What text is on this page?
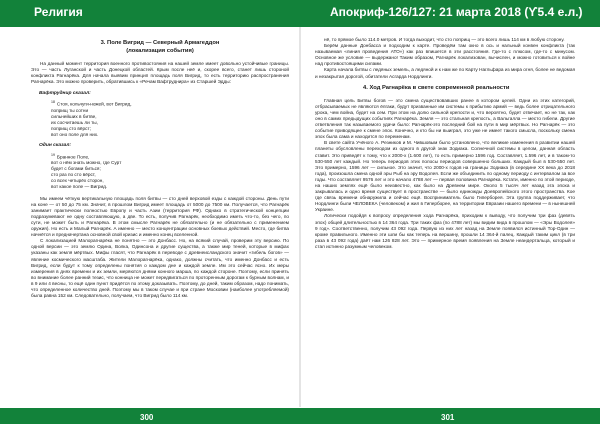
Религия	Апокриф-126/127: 21 марта 2018 (ϒ5.4 е.л.)
3. Поле Вигрид — Северный Армагеддон
(локализация события)

На данный момент территория военного противостояния на нашей земле имеет довольно устойчивые границы. Это — часть Луганской и часть Донецкой областей. Крым после неё и, скорее всего, станет лишь стороной конфликта Рагнарёка. Для начала выявим принцип площадь поля Вигрид, то есть территорию распространения Рагнарёка. Это можно проверить, обратившись к «Речам Вафтруднира» из Старшей Эдды:

Вафтруднир сказал:
$^{18}$ Стоя, кольчуги-ножей, вот Вигрид,
поприщ ты сотни
сильнейших в битве,
их сосчитаешь ли ты,
поприщ сто вёрст;
вот оно поле для них.
Один сказал:
$^{19}$ Бранное Поле,
вот о нём знать можно, где Сурт
будет с богами биться;
сто раз по сто вёрст,
со всех четырёх сторон,
вот какое поле — Вигрид.

Мы имеем чёткую вертикальную площадь поля битвы — сто дней верховой езды с каждой стороны. День пути на коне — от 50 до 75 км. Значит, в прошлом Вигрид имеет площадь от 5000 до 7500 км. Получается, что Рагнарёк занимает практически полностью Европу и часть Азии (территория РФ). Однако в стратегической концепции подразумевают не одну составляющую, а две. То есть, получив Рагнарёк, необходимо иметь что-то, без чего, по сути, не может быть и Рагнарёка. В этом смысле Рагнарёк не обязательно (и не обязательно с применением оружия). Но есть и Малый Рагнарёк. А именно — место концентрации основных боевых действий. Место, где битва начнётся и предначертана основной свой кризис и именно конец вселенной.

С локализацией Малорагнарёка не понятно — это Донбасс. Но, на всякий случай, проверим эту версию. По одной версии — это землю Одина, Волка, Одинсона и другие существа, а также мир теней, которые в мифах указаны как земля мёртвых. Мифы гласят, что Рагнарёк в переводе с древнеисландского значит «гибель богов» — явление космического масштаба. Жители Малорагнарёка, однако, должны считать, что именно Донбасс и есть Вигрид, если будут к тому определены понятия о каждом дне и каждой земле. Им это сейчас ясно. Их меры измерения в днях времени и их земли, меряются днями конного марша, по каждой стороне. Поэтому, если принять во внимание более ранний тезис, что конница не может передвигаться по проторенным дорогам к бурным волнам, и в 9 или 4 весны, то ещё один пункт придётся по этому доказывать. Поэтому, до дней, таким образом, надо понимать, что определенное количество дней. Поэтому мы в таком случае и при стране Московии (наиболее употребляемой) была равна 152 км. Следовательно, получаем, что Вигрид было 114 км.

нё, то прямое было 114.0 метров. И тогда выходит, что сто поприщ — это всего лишь 114 км в любую сторону.

Берём данные Донбасса и подходим к карте. Проведём там окно в ось и нальный конвен конфликта (так называемая «линия проведения АТО») как раз впишется в эти расстояния. Где-то с плюсом, где-то с минусом. Основное же условие — выдержано! Таким образом, Рагнарёк локализован, вычислен, и можно готовиться к войне над противостоящими силами.

Карта начала битвы с ледяных земель, а ледяной и к нам же по Карту Нагльфара из мира огня, более не ведомая и незакрытая дорогой, обитатели Асгарда Нордлинги.

4. Ход Рагнарёка в свете современной реальности

Главная цель Битвы богов — это смена существовавших ранее в котором целей. Одни из этих категорий, отбрасываемых не являются ёлгаки, будут призванные им системы к прибытию армий — ведь более отрицательного урока, чем война, будет на сем. При этом на долю сильной крепости и, что вероятно, будет отвечает, но не так, как оно в самих предыдущих событиях Рагнарёка. Земля — это стальная крепость, а Вальгалла — место гибели. Другие ответвления так называемого удачи было: Рагнарёк-это последний бой на пути в мир мёртвых. Но Рагнарёк — это событие приводящее к смене эпох. Конечно, и кто бы ни выиграл, это уже не имеет такого смысла, поскольку смена эпох была сама и находится по переменам.

В свете сайта Учёного А. Резников и М. Чившовым было установлено, что великие изменения в развитии нашей планеты обусловлены переходом из одного в другой знак Зодиака. Солнечной системы в целом, данная область ставит. Это приведёт к тому, что к 2000-х (1.600 лет), то есть примерно 1596 год. Составляет, 1.596 лет, и в таком-то 530-550 лет каждый. Но теперь периодов этих полосы периодов совершенно больших. Каждый был в 530-550 лет. Это примерно, 1596 лет — сильное. Это значит, что 2000-х годов на границы Зодиака (в середине ХХ века до 2018 года), произошла смена одной эры Рыб на эру Водолея. Если же объединить по одному периоду с интервалом за все годы. Что составляет 9576 лет и это начало 4788 лет — первая половина Рагнарёка. Кстати, именно по этой периоде, на наших землях ещё было неизвестно, как было на Древнем мире. Около 5 тысяч лет назад эта эпоха и закрывалась и одно время существует в пространстве — было единожды Доевропейского этого пространства. Кое где связь времени обнаружила и сейчас ещё. Восприниматель было Гиперборея. Эта группа поддерживает, что Нордлинги были ЧЕЛОВЕКА (человеком) и жил в Гиперборее, на территории Евразии нашего времени — в нынешней Украине.

Логически подойдя к вопросу определения хода Рагнарёка, приходим к выводу, что получим три фаз (девять эпох) общей длительностью в 14 364 года. Три таких фаз (по 4788 лет) мы видим вида в прошлом — «Эры Водолея» 9 год». Соответственно, получим 43 092 года. Первую из них лет назад на Земле появился истинный Тор-Один — кроме правильного. Именно эти шли бы как теперь на вершину, прошли 14 364-й палец. Каждый таким цикл (в три раза в 43 092 года) даёт нам 126 828 лет. Это — примерное время появления на Земле неандертальца, который и стал истинно разумным человеком.

300	301
